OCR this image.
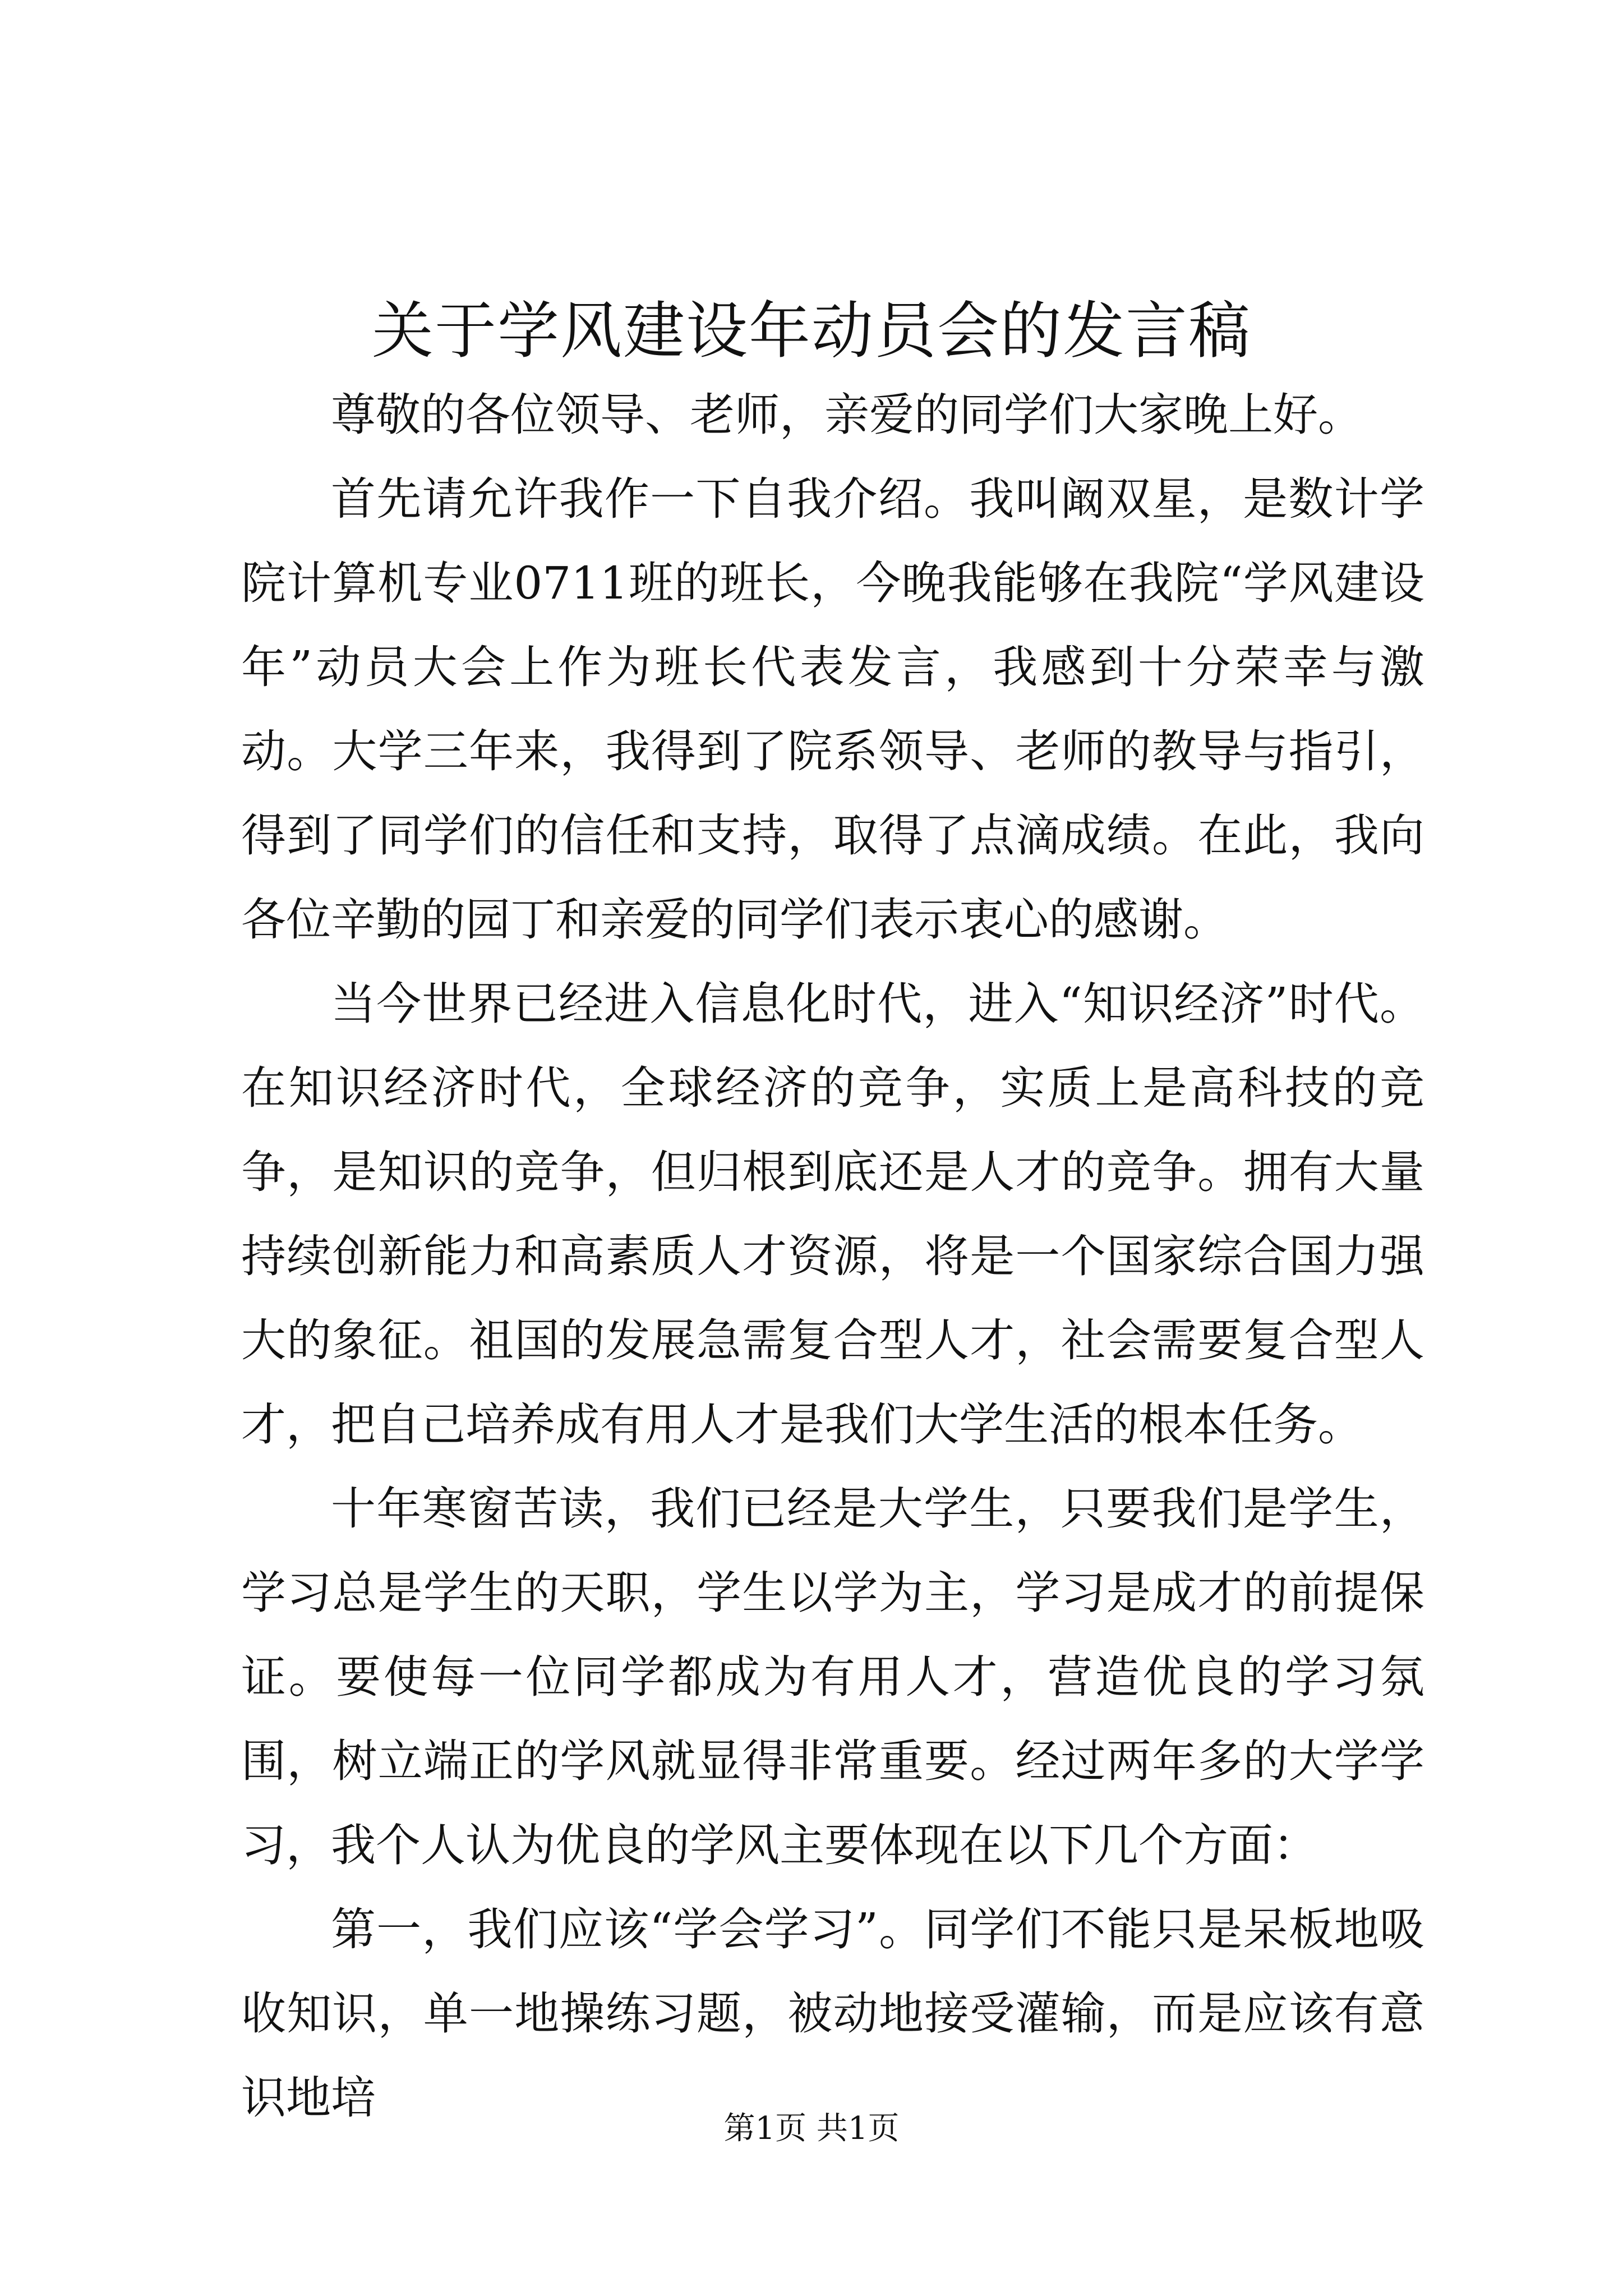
关于学风建设年动员会的发言稿

尊敬的各位领导、老师，亲爱的同学们大家晚上好。

首先请允许我作一下自我介绍。我叫阚双星，是数计学院计算机专业0711班的班长，今晚我能够在我院“学风建设年”动员大会上作为班长代表发言，我感到十分荣幸与激动。大学三年来，我得到了院系领导、老师的教导与指引，得到了同学们的信任和支持，取得了点滴成绩。在此，我向各位辛勤的园丁和亲爱的同学们表示衷心的感谢。

当今世界已经进入信息化时代，进入“知识经济”时代。在知识经济时代，全球经济的竞争，实质上是高科技的竞争，是知识的竞争，但归根到底还是人才的竞争。拥有大量持续创新能力和高素质人才资源，将是一个国家综合国力强大的象征。祖国的发展急需复合型人才，社会需要复合型人才，把自己培养成有用人才是我们大学生活的根本任务。

十年寒窗苦读，我们已经是大学生，只要我们是学生，学习总是学生的天职，学生以学为主，学习是成才的前提保证。要使每一位同学都成为有用人才，营造优良的学习氛围，树立端正的学风就显得非常重要。经过两年多的大学学习，我个人认为优良的学风主要体现在以下几个方面：

第一，我们应该“学会学习”。同学们不能只是呆板地吸收知识，单一地操练习题，被动地接受灌输，而是应该有意识地培

第1页 共1页
